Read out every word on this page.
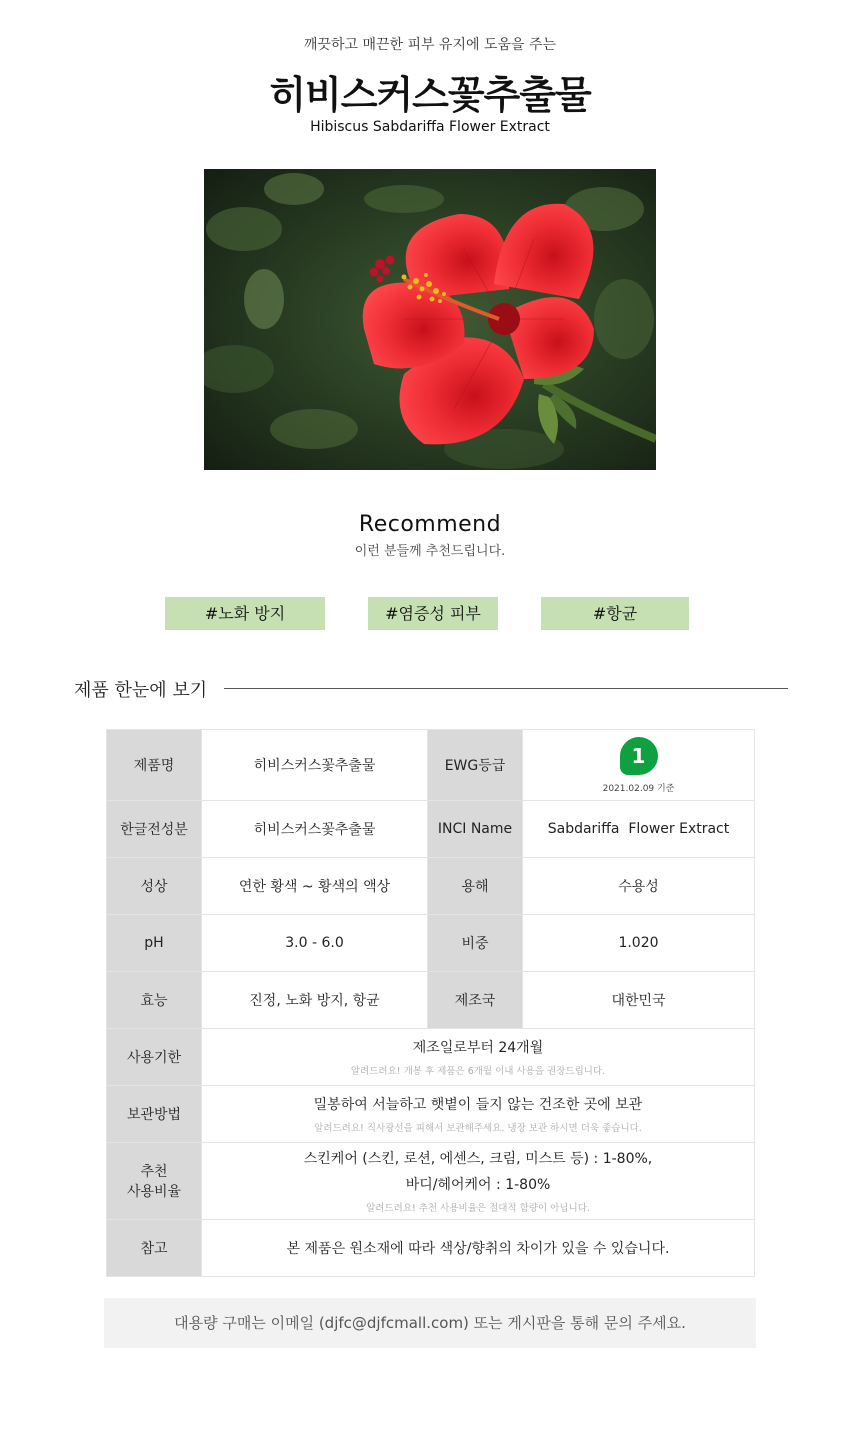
깨끗하고 매끈한 피부 유지에 도움을 주는
히비스커스꽃추출물
Hibiscus Sabdariffa Flower Extract
Recommend
이런 분들께 추천드립니다.
#노화 방지	#염증성 피부	#항균
제품 한눈에 보기
제품명	히비스커스꽃추출물	EWG등급	1
2021.02.09 기준

한글전성분	히비스커스꽃추출물	INCI Name	Sabdariffa  Flower Extract
성상	연한 황색 ~ 황색의 액상	용해	수용성
pH	3.0 - 6.0	비중	1.020
효능	진정, 노화 방지, 항균	제조국	대한민국
사용기한	제조일로부터 24개월
알려드려요! 개봉 후 제품은 6개월 이내 사용을 권장드립니다.		

보관방법	밀봉하여 서늘하고 햇볕이 들지 않는 건조한 곳에 보관
알려드려요! 직사광선을 피해서 보관해주세요. 냉장 보관 하시면 더욱 좋습니다.		

추천
사용비율	스킨케어 (스킨, 로션, 에센스, 크림, 미스트 등) : 1-80%,
바디/헤어케어 : 1-80%
알려드려요! 추천 사용비율은 절대적 함량이 아닙니다.		

참고	본 제품은 원소재에 따라 색상/향취의 차이가 있을 수 있습니다.		
대용량 구매는 이메일 (djfc@djfcmall.com) 또는 게시판을 통해 문의 주세요.
